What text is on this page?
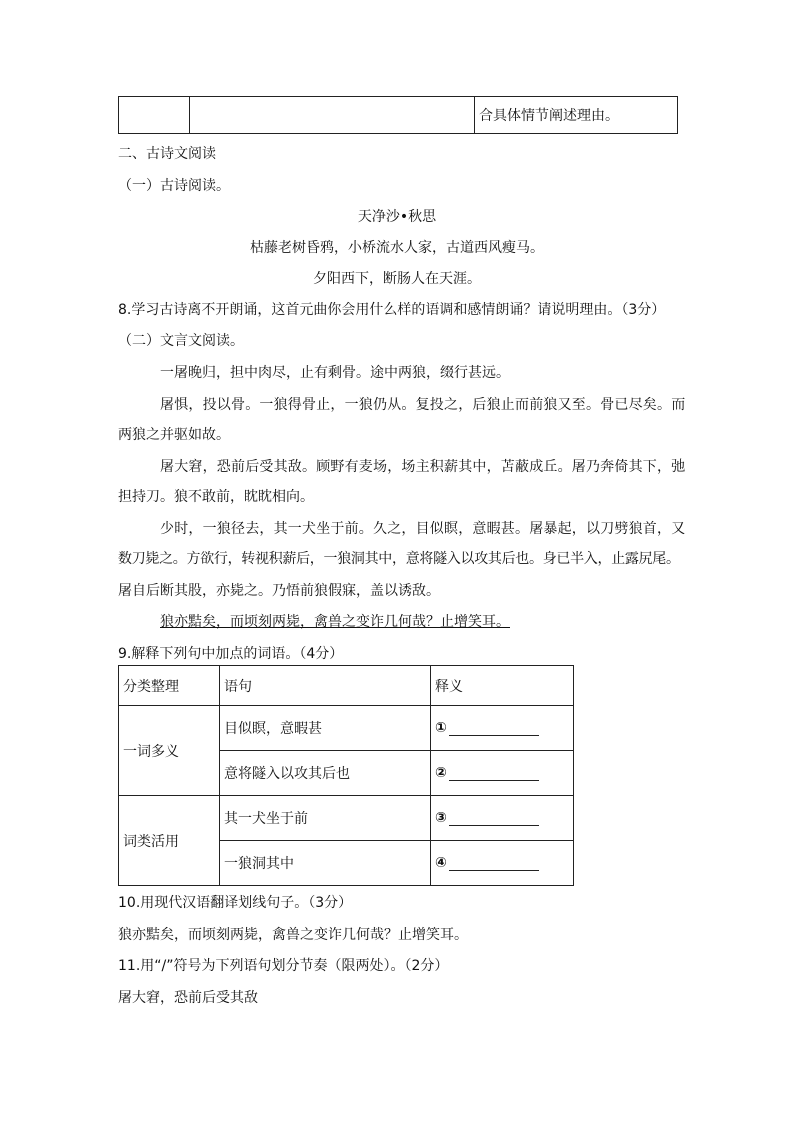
		合具体情节阐述理由。
二、古诗文阅读
（一）古诗阅读。
天净沙•秋思
枯藤老树昏鸦，小桥流水人家，古道西风瘦马。
夕阳西下，断肠人在天涯。
8.学习古诗离不开朗诵，这首元曲你会用什么样的语调和感情朗诵？请说明理由。（3分）
（二）文言文阅读。
一屠晚归，担中肉尽，止有剩骨。途中两狼，缀行甚远。
屠惧，投以骨。一狼得骨止，一狼仍从。复投之，后狼止而前狼又至。骨已尽矣。而
两狼之并驱如故。
屠大窘，恐前后受其敌。顾野有麦场，场主积薪其中，苫蔽成丘。屠乃奔倚其下，弛
担持刀。狼不敢前，眈眈相向。
少时，一狼径去，其一犬坐于前。久之，目似瞑，意暇甚。屠暴起，以刀劈狼首，又
数刀毙之。方欲行，转视积薪后，一狼洞其中，意将隧入以攻其后也。身已半入，止露尻尾。
屠自后断其股，亦毙之。乃悟前狼假寐，盖以诱敌。
狼亦黠矣，而顷刻两毙，禽兽之变诈几何哉？止增笑耳。
9.解释下列句中加点的词语。（4分）
分类整理	语句	释义
一词多义	目似瞑，意暇甚	①
	意将隧入以攻其后也	②
词类活用	其一犬坐于前	③
	一狼洞其中	④
10.用现代汉语翻译划线句子。（3分）
狼亦黠矣，而顷刻两毙，禽兽之变诈几何哉？止增笑耳。
11.用“/”符号为下列语句划分节奏（限两处）。（2分）
屠大窘，恐前后受其敌
